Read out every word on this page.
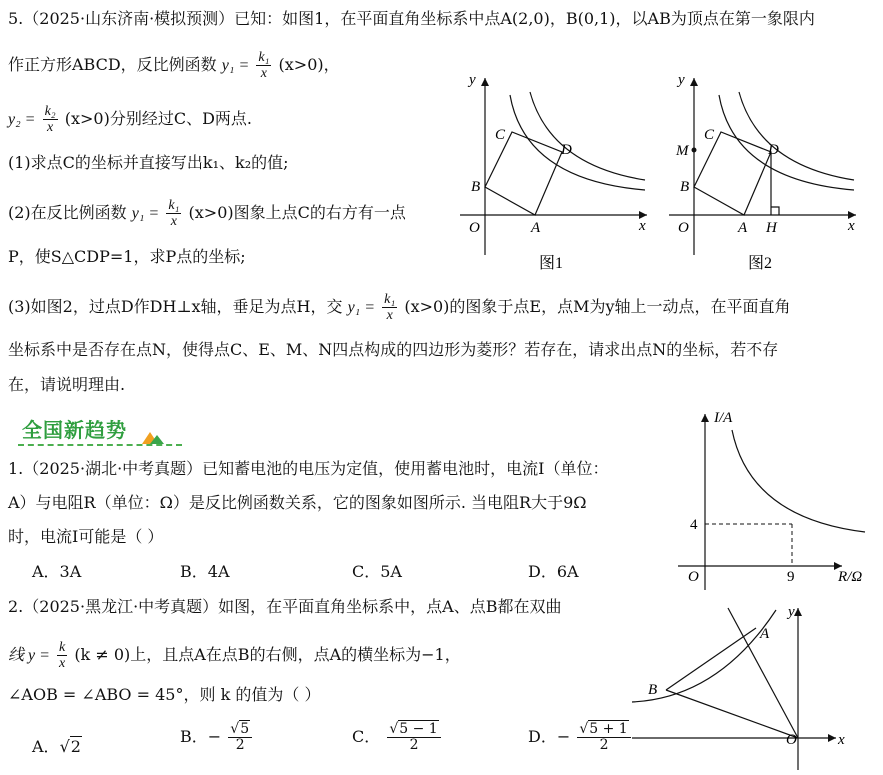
5.（2025·山东济南·模拟预测）已知：如图1，在平面直角坐标系中点A(2,0)，B(0,1)，以AB为顶点在第一象限内
作正方形ABCD，反比例函数 $y_1 = \frac{\text{k₁}}{x} (x>0)$，
$y_2 = \frac{\text{k₂}}{x} (x>0)$分别经过C、D两点.
(1)求点C的坐标并直接写出k₁、k₂的值;
(2)在反比例函数 $y_1 = \frac{\text{k₁}}{x} (x>0)$图象上点C的右方有一点
P，使S△CDP=1，求P点的坐标;
(3)如图2，过点D作DH⊥x轴，垂足为点H，交 $y_1 = \frac{\text{k₁}}{x} (x>0)$的图象于点E，点M为y轴上一动点，在平面直角
坐标系中是否存在点N，使得点C、E、M、N四点构成的四边形为菱形？若存在，请求出点N的坐标，若不存
在，请说明理由.
y
x
O	A
B
C
D
图1
y
x
O	A H
B
M
C
D
图2
全国新趋势
1.（2025·湖北·中考真题）已知蓄电池的电压为定值，使用蓄电池时，电流I（单位：
A）与电阻R（单位：Ω）是反比例函数关系，它的图象如图所示. 当电阻R大于9Ω
时，电流I可能是（ ）
A．3A	B．4A	C．5A	D．6A
I/A
R/Ω
O
4
9
2.（2025·黑龙江·中考真题）如图，在平面直角坐标系中，点A、点B都在双曲
线 $y = \frac{k}{x} (k \ne 0)$上，且点A在点B的右侧，点A的横坐标为−1，
∠AOB = ∠ABO = 45°，则 k 的值为（ ）
A．√2
B．− $\frac{√5}{2}$	C． $\frac{√5 - 1}{2}$	D．− $\frac{√5 + 1}{2}$
y
x
O
A
B
